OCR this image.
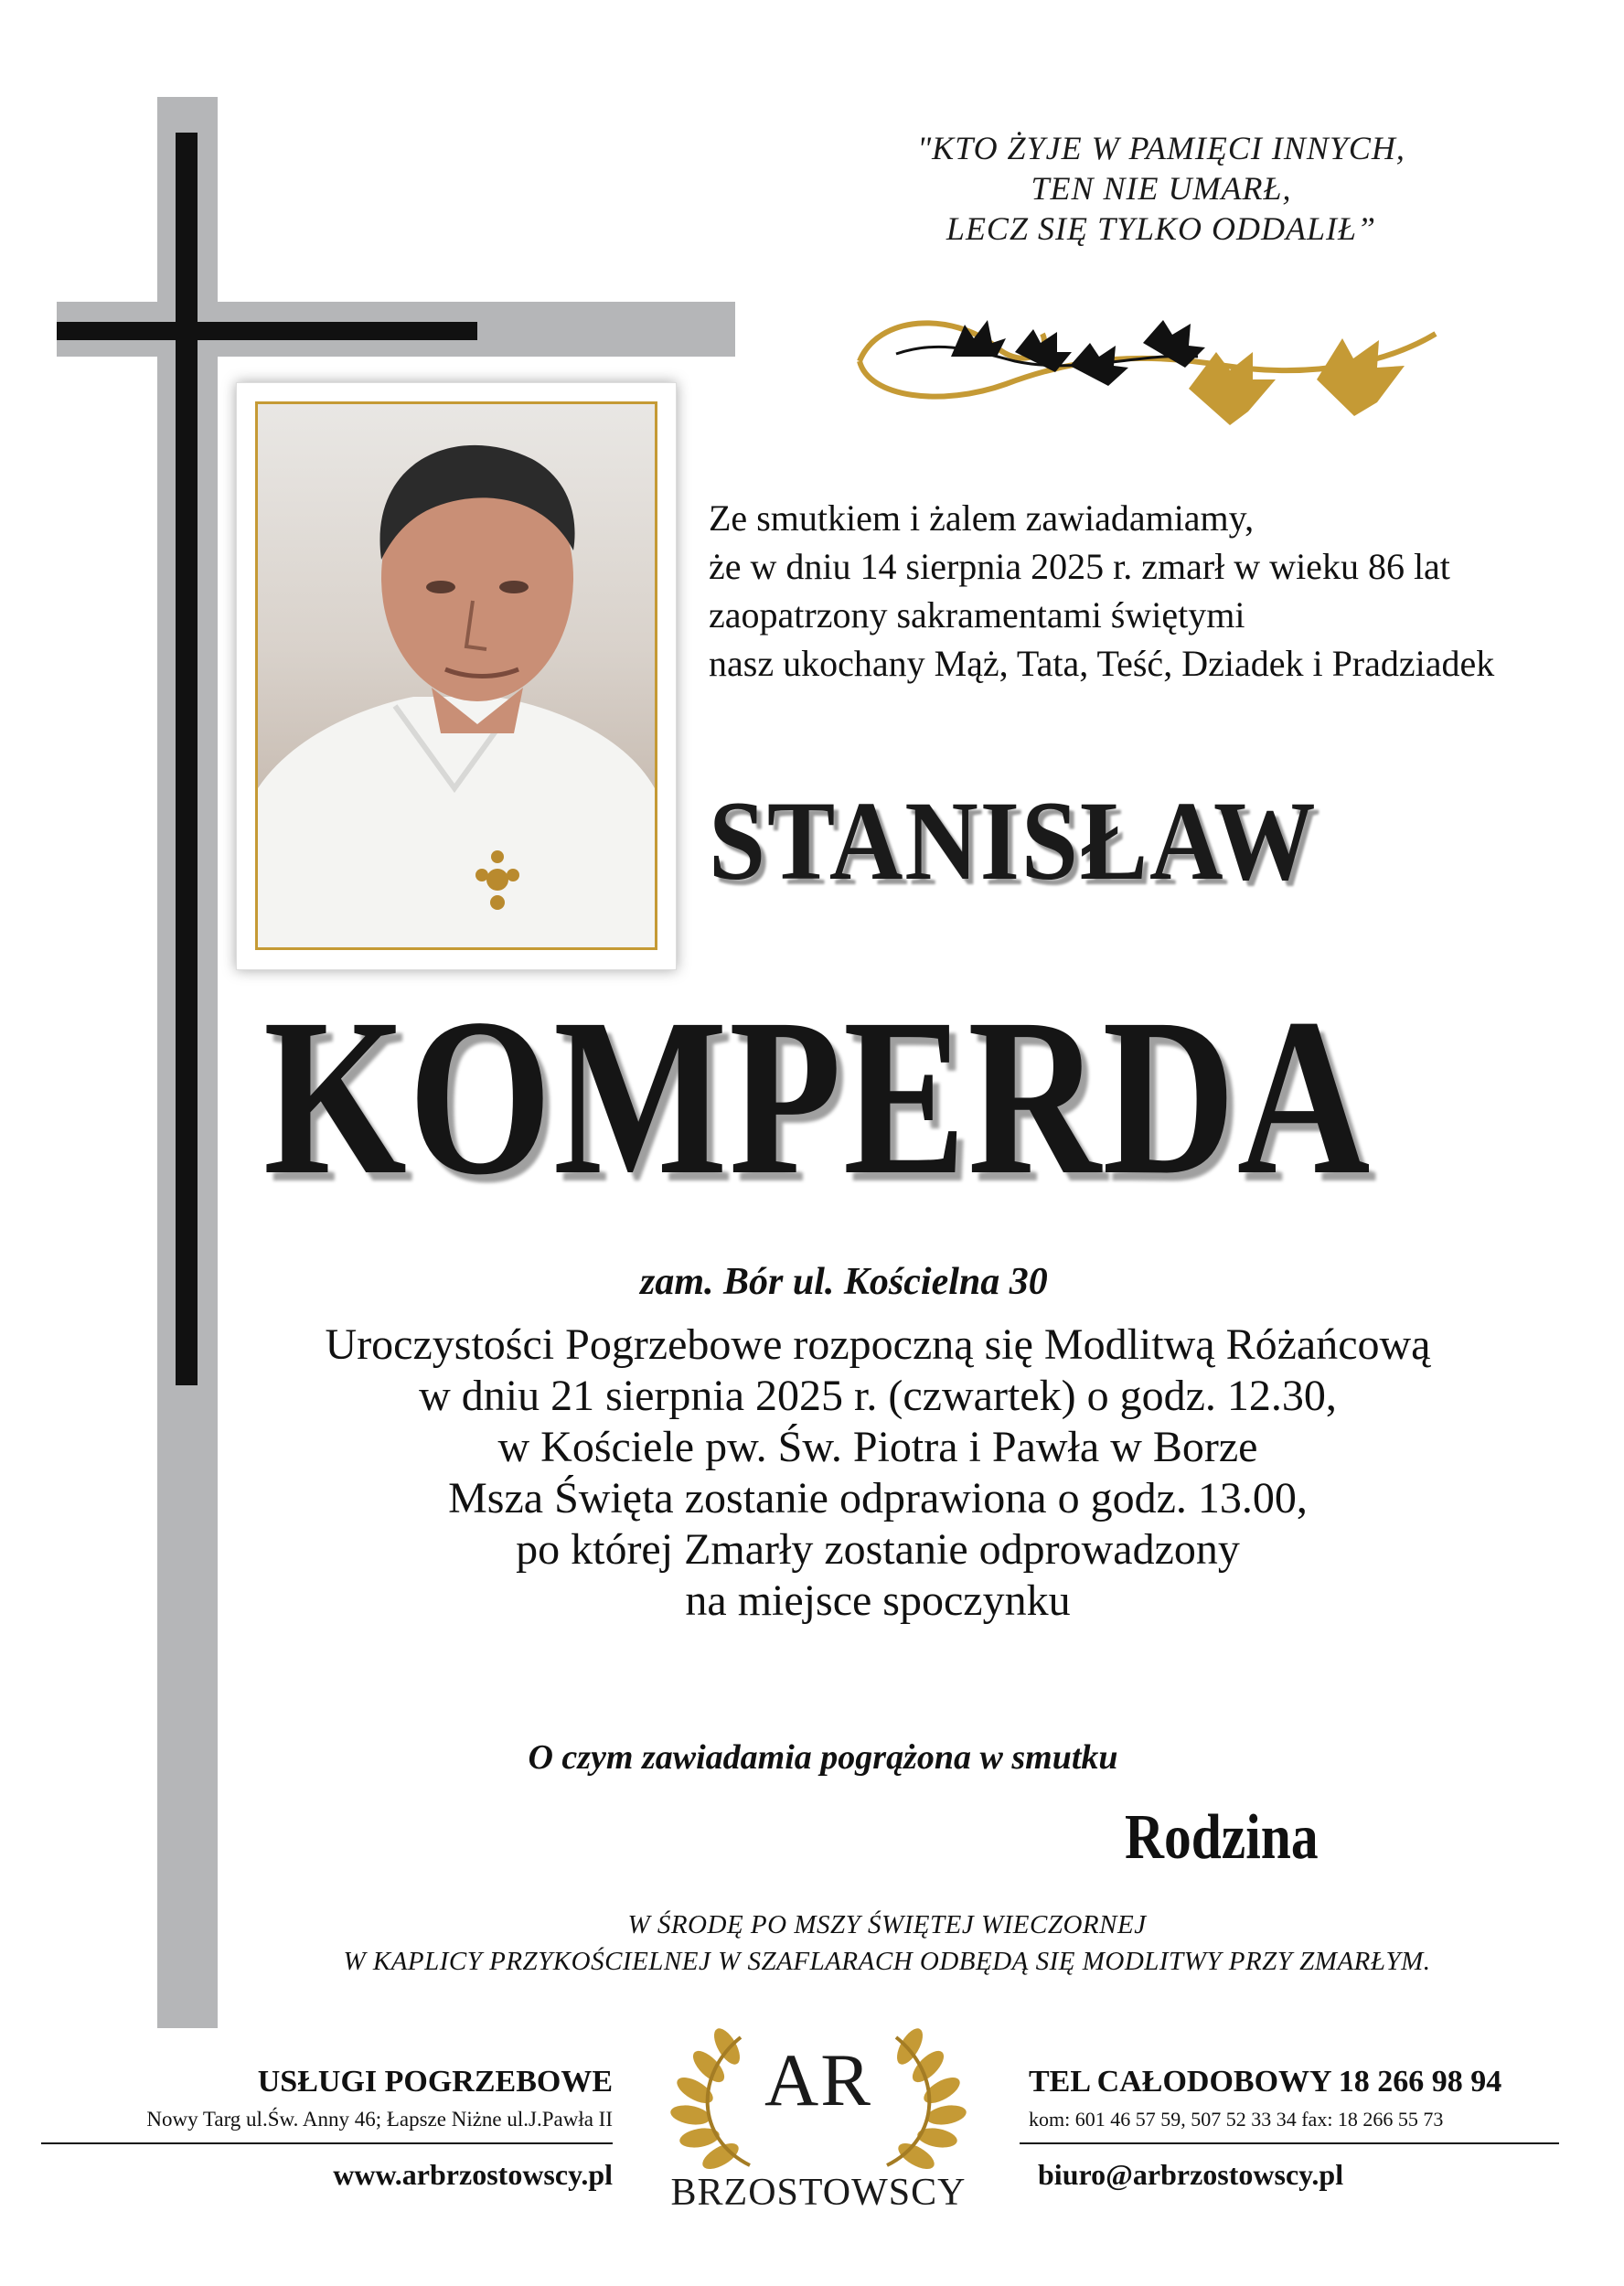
"KTO ŻYJE W PAMIĘCI INNYCH,
TEN NIE UMARŁ,
LECZ SIĘ TYLKO ODDALIŁ”
Ze smutkiem i żalem zawiadamiamy,
że w dniu 14 sierpnia 2025 r. zmarł w wieku 86 lat
zaopatrzony sakramentami świętymi
nasz ukochany Mąż, Tata, Teść, Dziadek i Pradziadek
STANISŁAW
KOMPERDA
zam. Bór ul. Kościelna 30
Uroczystości Pogrzebowe rozpoczną się Modlitwą Różańcową
w dniu 21 sierpnia 2025 r. (czwartek) o godz. 12.30,
w Kościele pw. Św. Piotra i Pawła w Borze
Msza Święta zostanie odprawiona o godz. 13.00,
po której Zmarły zostanie odprowadzony
na miejsce spoczynku
O czym zawiadamia pogrążona w smutku
Rodzina
W ŚRODĘ PO MSZY ŚWIĘTEJ WIECZORNEJ
W KAPLICY PRZYKOŚCIELNEJ W SZAFLARACH ODBĘDĄ SIĘ MODLITWY PRZY ZMARŁYM.
USŁUGI POGRZEBOWE
Nowy Targ ul.Św. Anny 46; Łapsze Niżne ul.J.Pawła II
www.arbrzostowscy.pl
AR
BRZOSTOWSCY
TEL CAŁODOBOWY 18 266 98 94
kom: 601 46 57 59, 507 52 33 34 fax: 18 266 55 73
biuro@arbrzostowscy.pl
